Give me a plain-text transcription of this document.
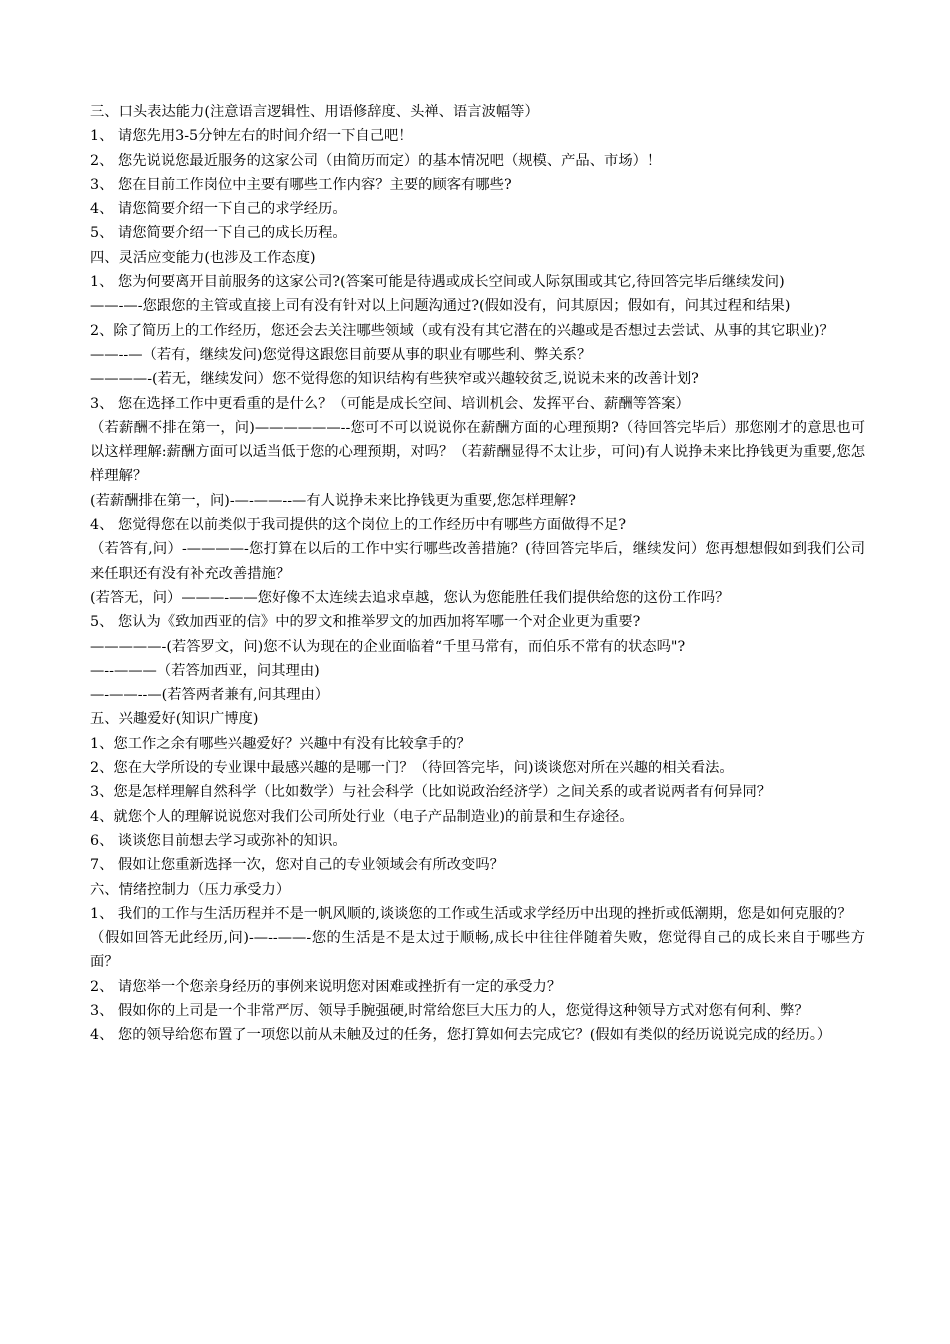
三、口头表达能力(注意语言逻辑性、用语修辞度、头禅、语言波幅等）

1、 请您先用3-5分钟左右的时间介绍一下自己吧！

2、 您先说说您最近服务的这家公司（由简历而定）的基本情况吧（规模、产品、市场）！

3、 您在目前工作岗位中主要有哪些工作内容？主要的顾客有哪些?

4、 请您简要介绍一下自己的求学经历。

5、 请您简要介绍一下自己的成长历程。

四、灵活应变能力(也涉及工作态度)

1、 您为何要离开目前服务的这家公司?(答案可能是待遇或成长空间或人际氛围或其它,待回答完毕后继续发问)

——-—-您跟您的主管或直接上司有没有针对以上问题沟通过?(假如没有，问其原因；假如有，问其过程和结果)

2、除了简历上的工作经历，您还会去关注哪些领域（或有没有其它潜在的兴趣或是否想过去尝试、从事的其它职业)？

——--—（若有，继续发问)您觉得这跟您目前要从事的职业有哪些利、弊关系？

————-(若无，继续发问）您不觉得您的知识结构有些狭窄或兴趣较贫乏,说说未来的改善计划?

3、 您在选择工作中更看重的是什么？（可能是成长空间、培训机会、发挥平台、薪酬等答案）

（若薪酬不排在第一，问)——————--您可不可以说说你在薪酬方面的心理预期?（待回答完毕后）那您刚才的意思也可以这样理解:薪酬方面可以适当低于您的心理预期，对吗？（若薪酬显得不太让步，可问)有人说挣未来比挣钱更为重要,您怎样理解？

(若薪酬排在第一，问)-—-——--—有人说挣未来比挣钱更为重要,您怎样理解?

4、 您觉得您在以前类似于我司提供的这个岗位上的工作经历中有哪些方面做得不足?

（若答有,问）-————-您打算在以后的工作中实行哪些改善措施？(待回答完毕后，继续发问）您再想想假如到我们公司来任职还有没有补充改善措施？

(若答无，问）———-——您好像不太连续去追求卓越，您认为您能胜任我们提供给您的这份工作吗？

5、 您认为《致加西亚的信》中的罗文和推举罗文的加西加将军哪一个对企业更为重要?

—————-(若答罗文，问)您不认为现在的企业面临着“千里马常有，而伯乐不常有的状态吗"?

—--———（若答加西亚，问其理由)

—-——--—(若答两者兼有,问其理由）

五、兴趣爱好(知识广博度)

1、您工作之余有哪些兴趣爱好？兴趣中有没有比较拿手的？

2、您在大学所设的专业课中最感兴趣的是哪一门？（待回答完毕，问)谈谈您对所在兴趣的相关看法。

3、您是怎样理解自然科学（比如数学）与社会科学（比如说政治经济学）之间关系的或者说两者有何异同？

4、就您个人的理解说说您对我们公司所处行业（电子产品制造业)的前景和生存途径。

6、 谈谈您目前想去学习或弥补的知识。

7、 假如让您重新选择一次，您对自己的专业领域会有所改变吗？

六、情绪控制力（压力承受力）

1、 我们的工作与生活历程并不是一帆风顺的,谈谈您的工作或生活或求学经历中出现的挫折或低潮期，您是如何克服的？

（假如回答无此经历,问)-—--——-您的生活是不是太过于顺畅,成长中往往伴随着失败，您觉得自己的成长来自于哪些方面？

2、 请您举一个您亲身经历的事例来说明您对困难或挫折有一定的承受力？

3、 假如你的上司是一个非常严厉、领导手腕强硬,时常给您巨大压力的人，您觉得这种领导方式对您有何利、弊？

4、 您的领导给您布置了一项您以前从未触及过的任务，您打算如何去完成它？(假如有类似的经历说说完成的经历。）
